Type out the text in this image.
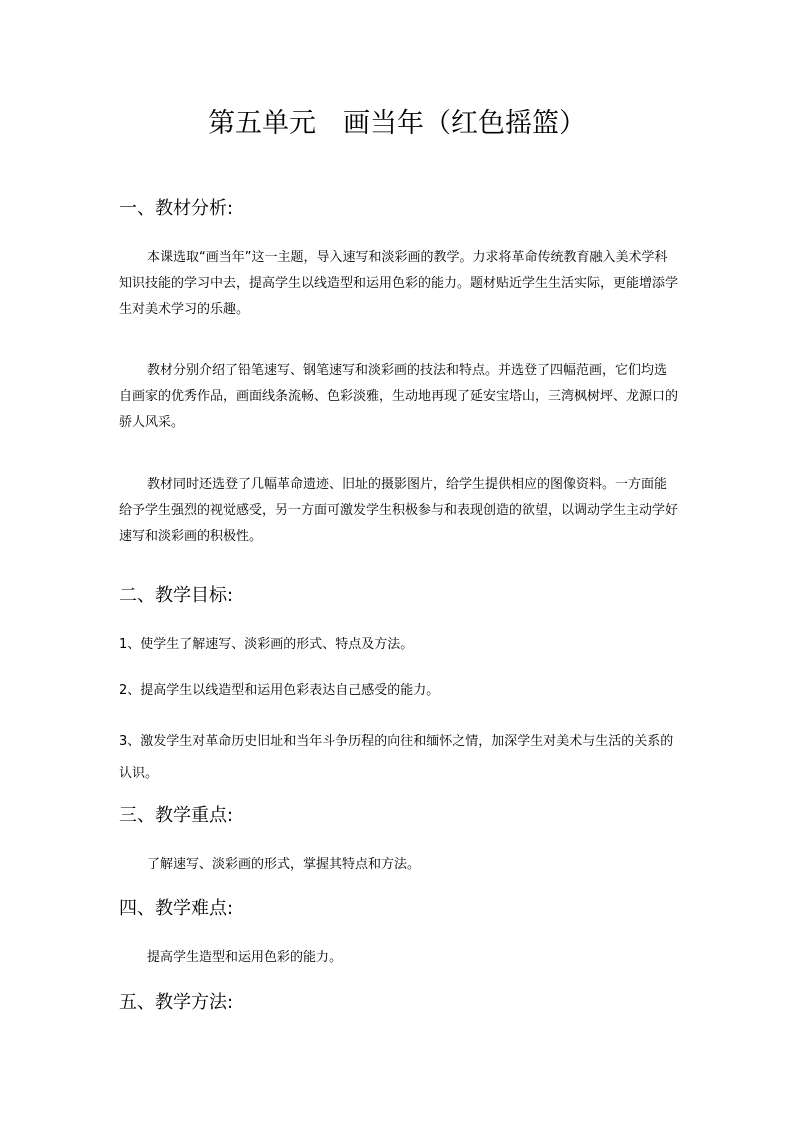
第五单元　画当年（红色摇篮）
一、教材分析:

本课选取“画当年”这一主题，导入速写和淡彩画的教学。力求将革命传统教育融入美术学科知识技能的学习中去，提高学生以线造型和运用色彩的能力。题材贴近学生生活实际，更能增添学生对美术学习的乐趣。

教材分别介绍了铅笔速写、钢笔速写和淡彩画的技法和特点。并选登了四幅范画，它们均选自画家的优秀作品，画面线条流畅、色彩淡雅，生动地再现了延安宝塔山，三湾枫树坪、龙源口的骄人风采。

教材同时还选登了几幅革命遗迹、旧址的摄影图片，给学生提供相应的图像资料。一方面能给予学生强烈的视觉感受，另一方面可激发学生积极参与和表现创造的欲望，以调动学生主动学好速写和淡彩画的积极性。

二、教学目标:

1、使学生了解速写、淡彩画的形式、特点及方法。

2、提高学生以线造型和运用色彩表达自己感受的能力。

3、激发学生对革命历史旧址和当年斗争历程的向往和缅怀之情，加深学生对美术与生活的关系的认识。

三、教学重点:
了解速写、淡彩画的形式，掌握其特点和方法。
四、教学难点:
提高学生造型和运用色彩的能力。
五、教学方法:
